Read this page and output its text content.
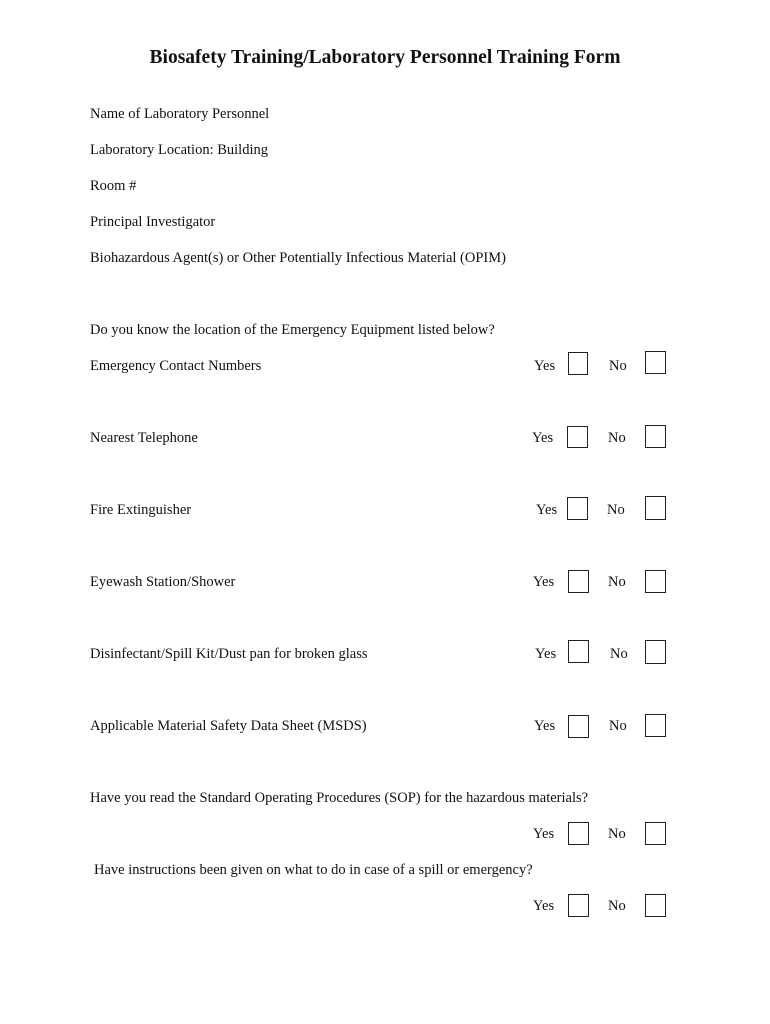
Biosafety Training/Laboratory Personnel Training Form
Name of Laboratory Personnel
Laboratory Location: Building
Room #
Principal Investigator
Biohazardous Agent(s) or Other Potentially Infectious Material (OPIM)
Do you know the location of the Emergency Equipment listed below?
Emergency Contact Numbers	Yes	No
Nearest Telephone	Yes	No
Fire Extinguisher	Yes	No
Eyewash Station/Shower	Yes	No
Disinfectant/Spill Kit/Dust pan for broken glass	Yes	No
Applicable Material Safety Data Sheet (MSDS)	Yes	No
Have you read the Standard Operating Procedures (SOP) for the hazardous materials?
Yes	No
Have instructions been given on what to do in case of a spill or emergency?
Yes	No
